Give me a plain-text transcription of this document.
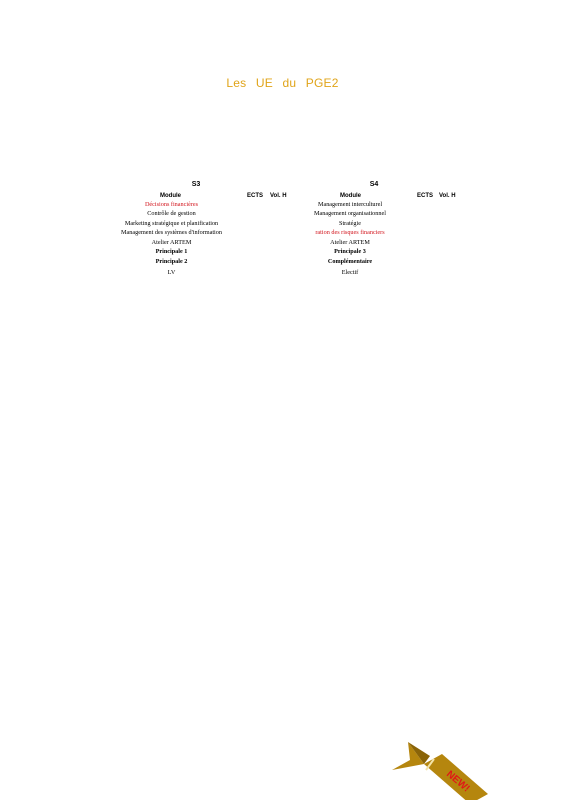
Les UE du PGE2
S3
Module	ECTS Vol. H
Décisions financières
Contrôle de gestion
Marketing stratégique et planification
Management des systèmes d'information
Atelier ARTEM
Principale 1
Principale 2
LV
S4
Module	ECTS Vol. H
Management interculturel
Management organisationnel
Stratégie
ration des risques financiers
Atelier ARTEM
Principale 3
Complémentaire
Electif
NEW!
